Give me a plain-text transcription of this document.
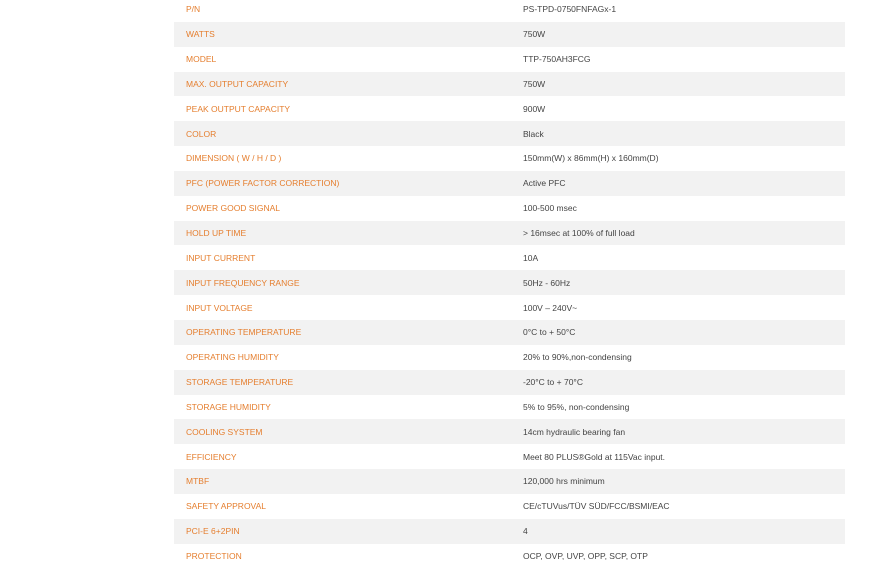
P/N	PS-TPD-0750FNFAGx-1
WATTS	750W
MODEL	TTP-750AH3FCG
MAX. OUTPUT CAPACITY	750W
PEAK OUTPUT CAPACITY	900W
COLOR	Black
DIMENSION ( W / H / D )	150mm(W) x 86mm(H) x 160mm(D)
PFC (POWER FACTOR CORRECTION)	Active PFC
POWER GOOD SIGNAL	100-500 msec
HOLD UP TIME	> 16msec at 100% of full load
INPUT CURRENT	10A
INPUT FREQUENCY RANGE	50Hz - 60Hz
INPUT VOLTAGE	100V – 240V~
OPERATING TEMPERATURE	0°C to + 50°C
OPERATING HUMIDITY	20% to 90%,non-condensing
STORAGE TEMPERATURE	-20°C to + 70°C
STORAGE HUMIDITY	5% to 95%, non-condensing
COOLING SYSTEM	14cm hydraulic bearing fan
EFFICIENCY	Meet 80 PLUS®Gold at 115Vac input.
MTBF	120,000 hrs minimum
SAFETY APPROVAL	CE/cTUVus/TÜV SÜD/FCC/BSMI/EAC
PCI-E 6+2PIN	4
PROTECTION	OCP, OVP, UVP, OPP, SCP, OTP
